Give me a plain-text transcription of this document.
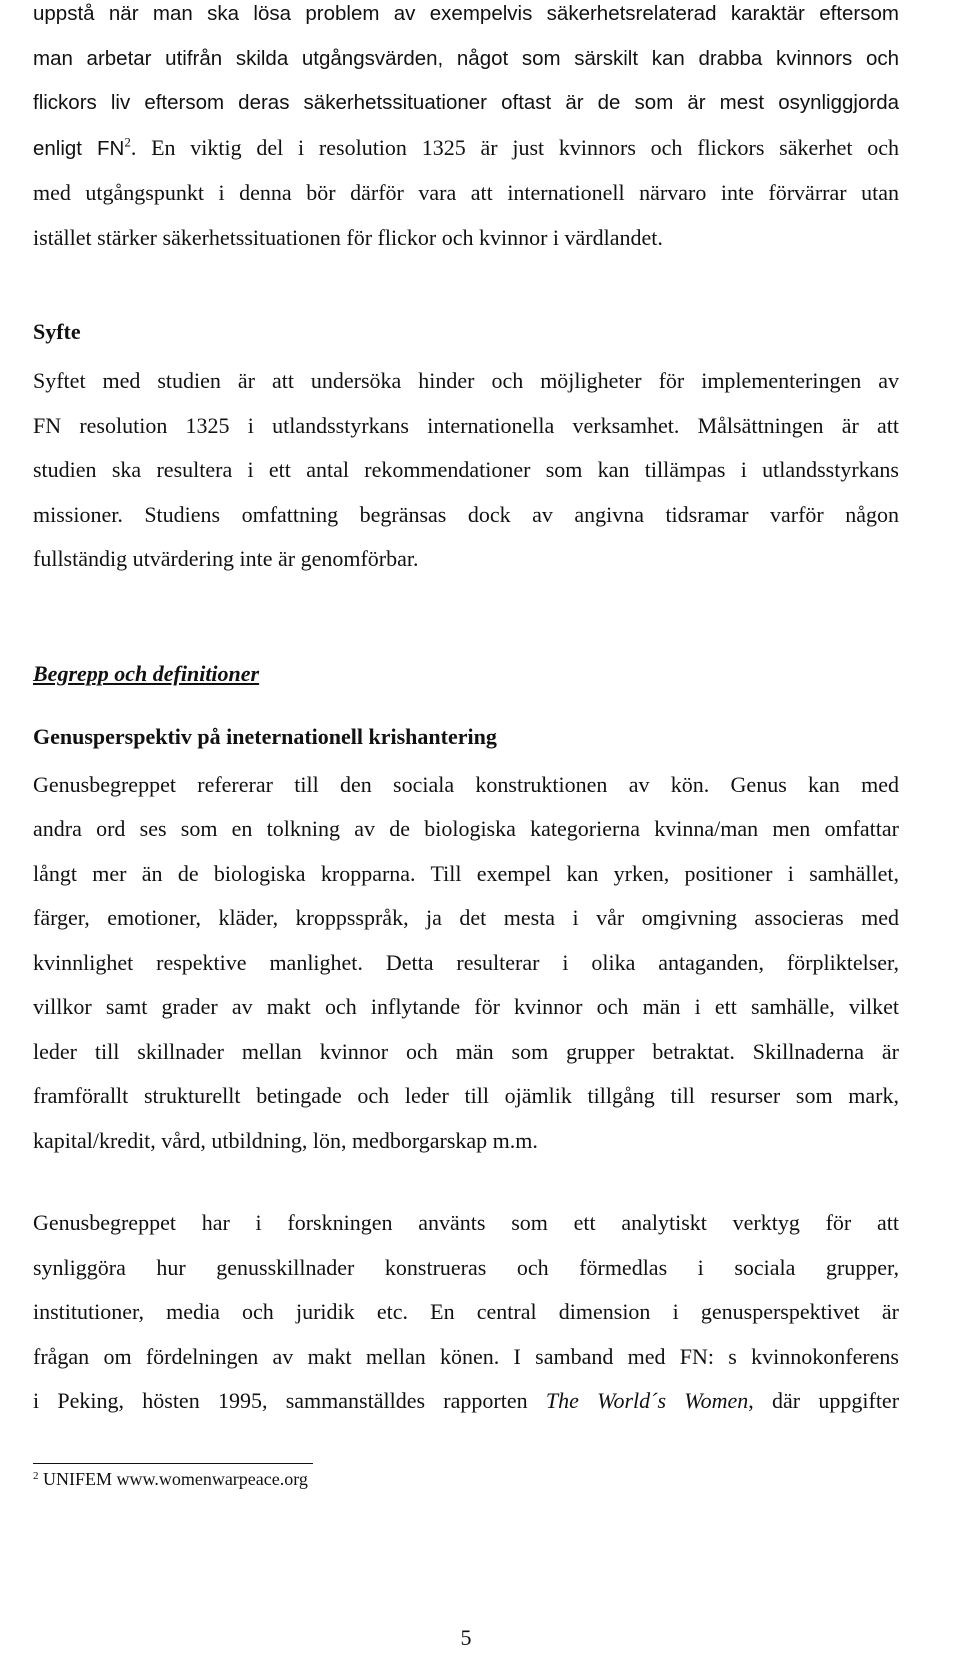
uppstå när man ska lösa problem av exempelvis säkerhetsrelaterad karaktär eftersom

man arbetar utifrån skilda utgångsvärden, något som särskilt kan drabba kvinnors och

flickors liv eftersom deras säkerhetssituationer oftast är de som är mest osynliggjorda

enligt $FN^2$. En viktig del i resolution 1325 är just kvinnors och flickors säkerhet och

med utgångspunkt i denna bör därför vara att internationell närvaro inte förvärrar utan

istället stärker säkerhetssituationen för flickor och kvinnor i värdlandet.

Syfte

Syftet med studien är att undersöka hinder och möjligheter för implementeringen av

FN resolution 1325 i utlandsstyrkans internationella verksamhet. Målsättningen är att

studien ska resultera i ett antal rekommendationer som kan tillämpas i utlandsstyrkans

missioner. Studiens omfattning begränsas dock av angivna tidsramar varför någon

fullständig utvärdering inte är genomförbar.

Begrepp och definitioner
Genusperspektiv på ineternationell krishantering

Genusbegreppet refererar till den sociala konstruktionen av kön. Genus kan med

andra ord ses som en tolkning av de biologiska kategorierna kvinna/man men omfattar

långt mer än de biologiska kropparna. Till exempel kan yrken, positioner i samhället,

färger, emotioner, kläder, kroppsspråk, ja det mesta i vår omgivning associeras med

kvinnlighet respektive manlighet. Detta resulterar i olika antaganden, förpliktelser,

villkor samt grader av makt och inflytande för kvinnor och män i ett samhälle, vilket

leder till skillnader mellan kvinnor och män som grupper betraktat. Skillnaderna är

framförallt strukturellt betingade och leder till ojämlik tillgång till resurser som mark,

kapital/kredit, vård, utbildning, lön, medborgarskap m.m.

Genusbegreppet har i forskningen använts som ett analytiskt verktyg för att

synliggöra hur genusskillnader konstrueras och förmedlas i sociala grupper,

institutioner, media och juridik etc. En central dimension i genusperspektivet är

frågan om fördelningen av makt mellan könen. I samband med FN: s kvinnokonferens

i Peking, hösten 1995, sammanställdes rapporten The World´s Women, där uppgifter

$^2$ UNIFEM www.womenwarpeace.org
5
